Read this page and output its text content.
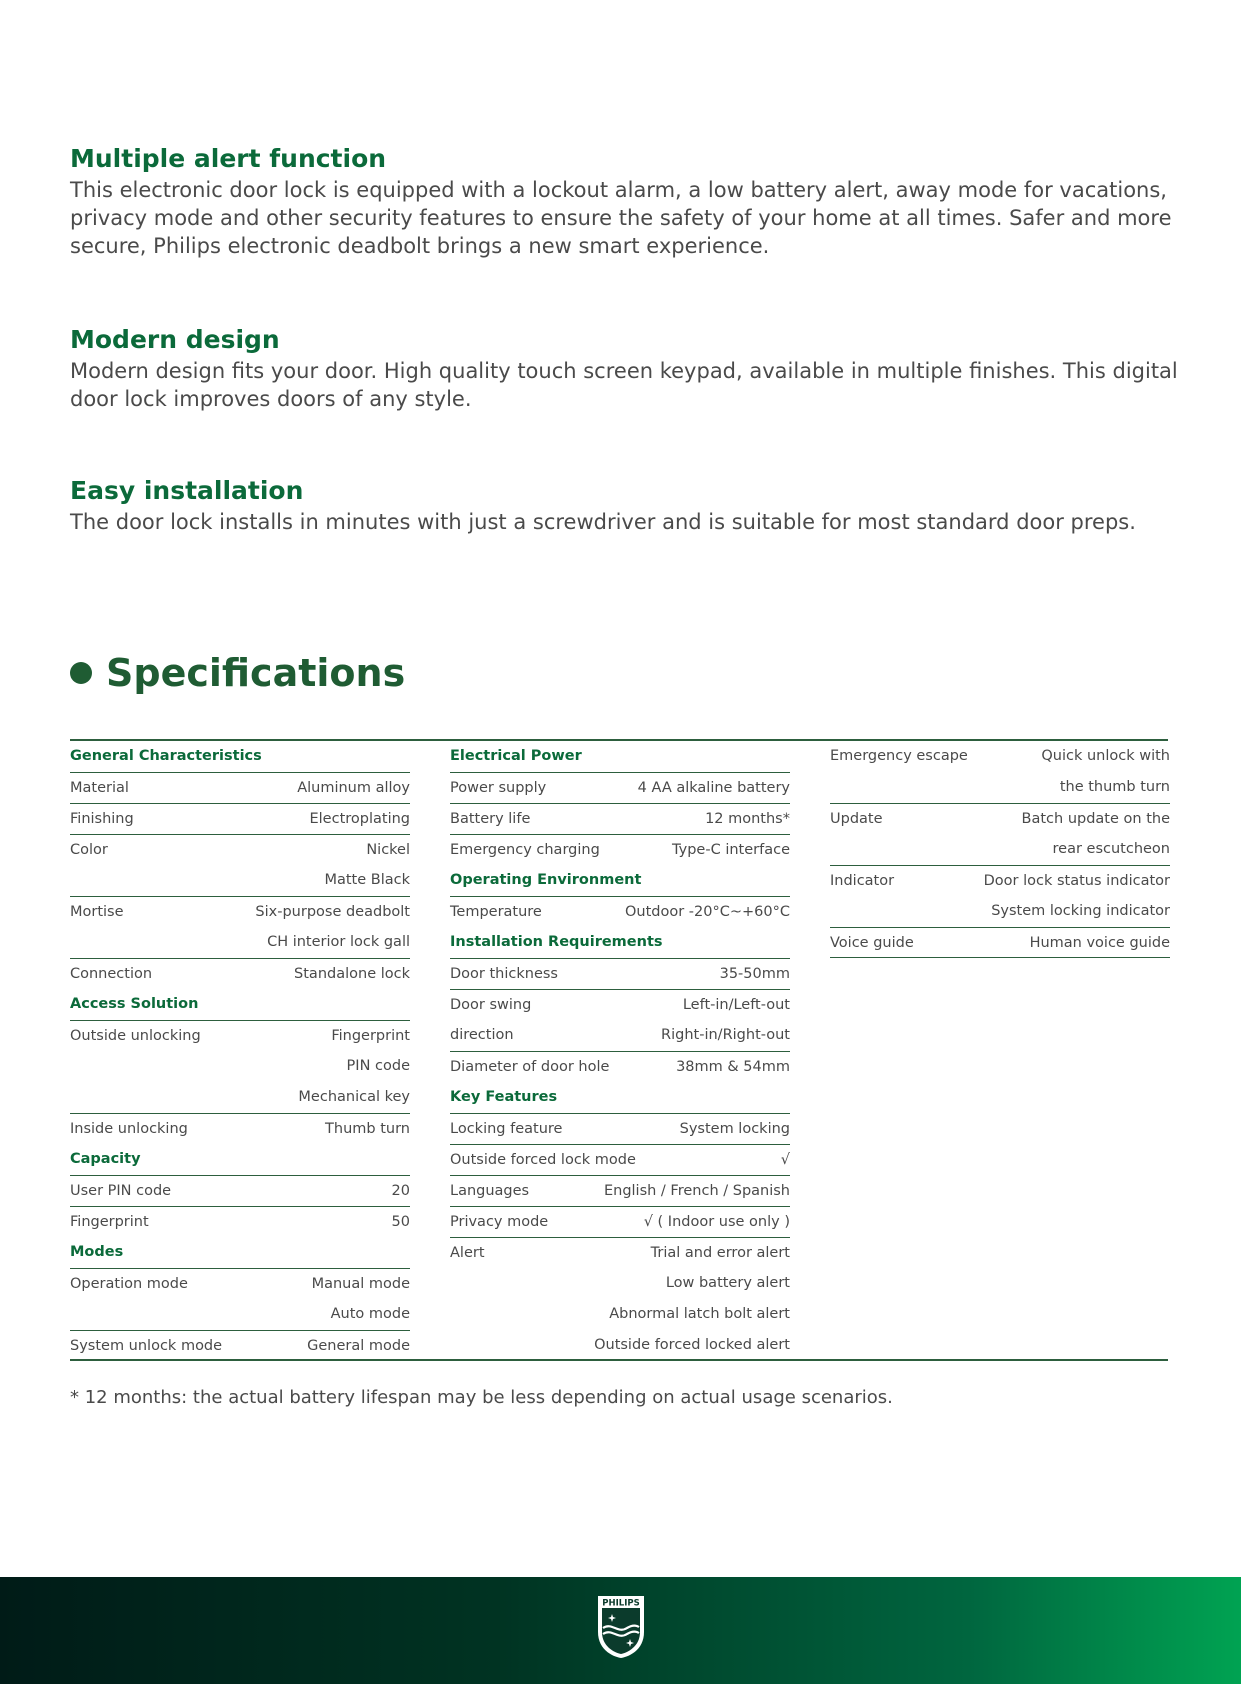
Multiple alert function

This electronic door lock is equipped with a lockout alarm, a low battery alert, away mode for vacations, privacy mode and other security features to ensure the safety of your home at all times. Safer and more secure, Philips electronic deadbolt brings a new smart experience.

Modern design

Modern design fits your door. High quality touch screen keypad, available in multiple finishes. This digital door lock improves doors of any style.

Easy installation

The door lock installs in minutes with just a screwdriver and is suitable for most standard door preps.

Specifications
General Characteristics
Material	Aluminum alloy
Finishing	Electroplating
Color	Nickel
Matte Black
Mortise	Six-purpose deadbolt
CH interior lock gall
Connection	Standalone lock
Access Solution
Outside unlocking	Fingerprint
PIN code
Mechanical key
Inside unlocking	Thumb turn
Capacity
User PIN code	20
Fingerprint	50
Modes
Operation mode	Manual mode
Auto mode
System unlock mode	General mode
Electrical Power
Power supply	4 AA alkaline battery
Battery life	12 months*
Emergency charging	Type-C interface
Operating Environment
Temperature	Outdoor -20°C~+60°C
Installation Requirements
Door thickness	35-50mm
Door swing	Left-in/Left-out
direction	Right-in/Right-out
Diameter of door hole	38mm & 54mm
Key Features
Locking feature	System locking
Outside forced lock mode	√
Languages	English / French / Spanish
Privacy mode	√ ( Indoor use only )
Alert	Trial and error alert
Low battery alert
Abnormal latch bolt alert
Outside forced locked alert
Emergency escape	Quick unlock with
the thumb turn
Update	Batch update on the
rear escutcheon
Indicator	Door lock status indicator
System locking indicator
Voice guide	Human voice guide

* 12 months: the actual battery lifespan may be less depending on actual usage scenarios.

PHILIPS
